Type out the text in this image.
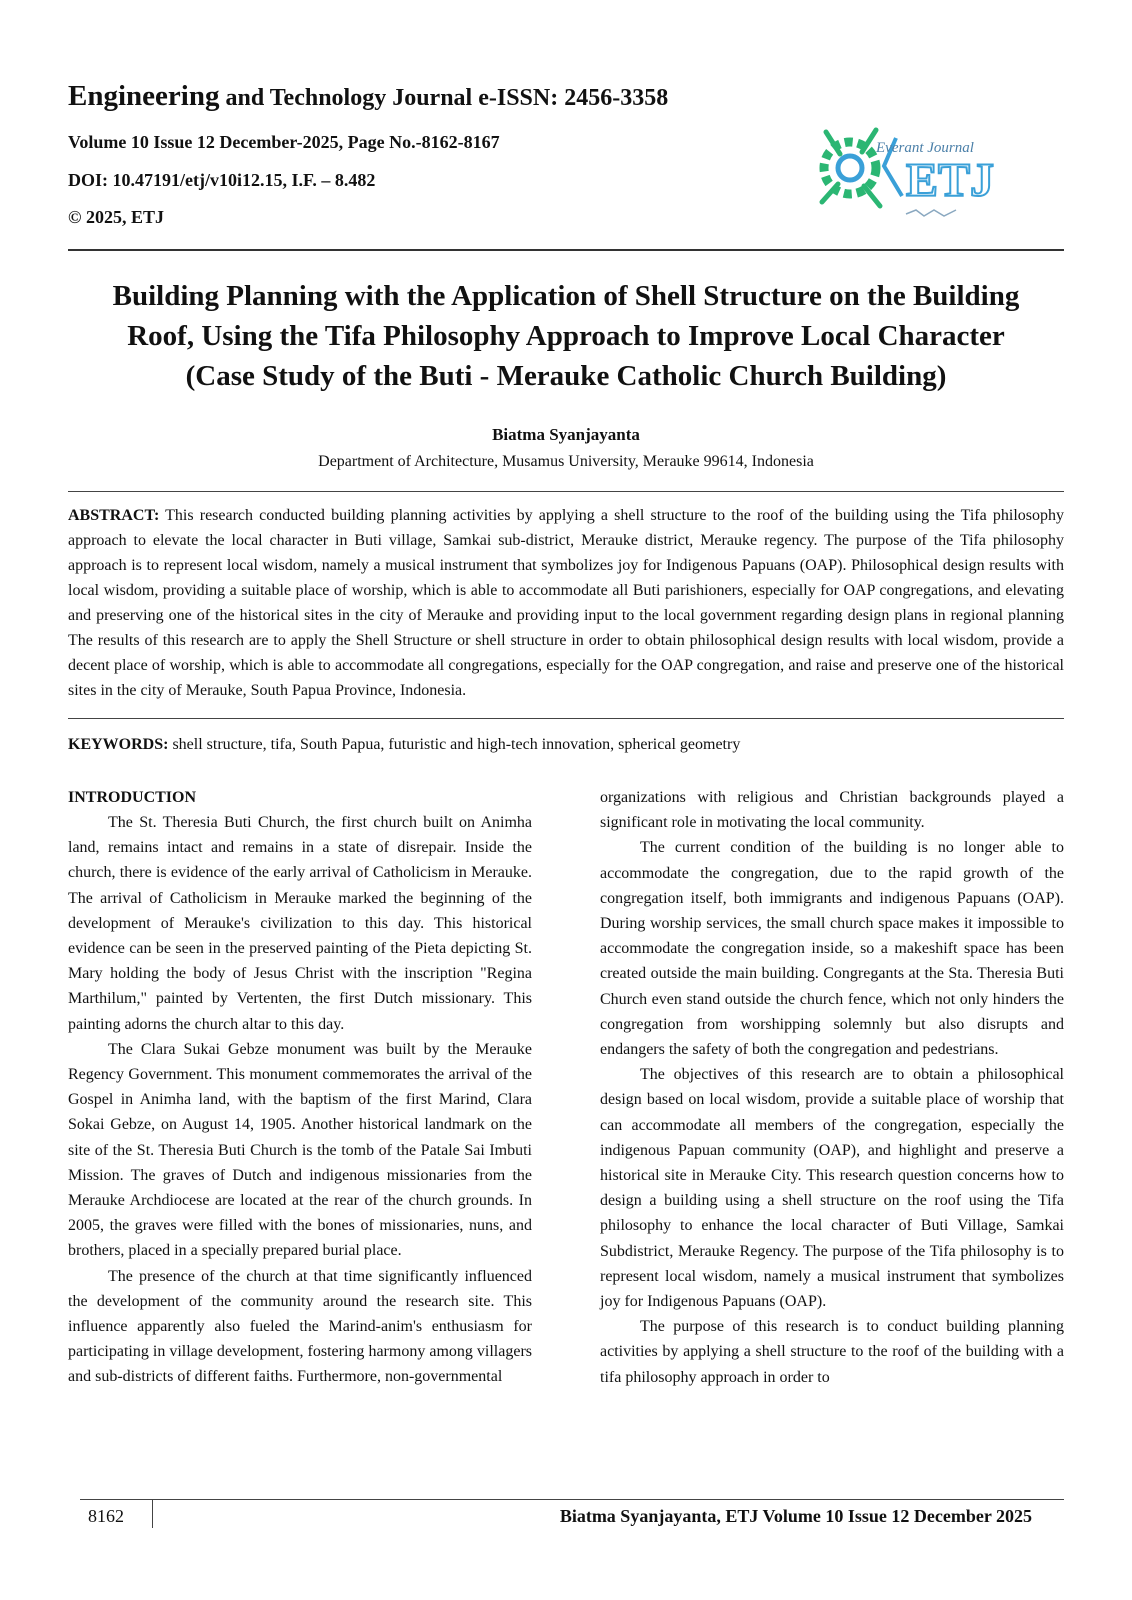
Engineering and Technology Journal e-ISSN: 2456-3358
Volume 10 Issue 12 December-2025, Page No.-8162-8167
DOI: 10.47191/etj/v10i12.15, I.F. – 8.482
© 2025, ETJ
Everant Journal
ETJ
Building Planning with the Application of Shell Structure on the Building
Roof, Using the Tifa Philosophy Approach to Improve Local Character
(Case Study of the Buti - Merauke Catholic Church Building)
Biatma Syanjayanta
Department of Architecture, Musamus University, Merauke 99614, Indonesia
ABSTRACT: This research conducted building planning activities by applying a shell structure to the roof of the building using the Tifa philosophy approach to elevate the local character in Buti village, Samkai sub-district, Merauke district, Merauke regency. The purpose of the Tifa philosophy approach is to represent local wisdom, namely a musical instrument that symbolizes joy for Indigenous Papuans (OAP). Philosophical design results with local wisdom, providing a suitable place of worship, which is able to accommodate all Buti parishioners, especially for OAP congregations, and elevating and preserving one of the historical sites in the city of Merauke and providing input to the local government regarding design plans in regional planning The results of this research are to apply the Shell Structure or shell structure in order to obtain philosophical design results with local wisdom, provide a decent place of worship, which is able to accommodate all congregations, especially for the OAP congregation, and raise and preserve one of the historical sites in the city of Merauke, South Papua Province, Indonesia.
KEYWORDS: shell structure, tifa, South Papua, futuristic and high-tech innovation, spherical geometry
INTRODUCTION

The St. Theresia Buti Church, the first church built on Animha land, remains intact and remains in a state of disrepair. Inside the church, there is evidence of the early arrival of Catholicism in Merauke. The arrival of Catholicism in Merauke marked the beginning of the development of Merauke's civilization to this day. This historical evidence can be seen in the preserved painting of the Pieta depicting St. Mary holding the body of Jesus Christ with the inscription "Regina Marthilum," painted by Vertenten, the first Dutch missionary. This painting adorns the church altar to this day.

The Clara Sukai Gebze monument was built by the Merauke Regency Government. This monument commemorates the arrival of the Gospel in Animha land, with the baptism of the first Marind, Clara Sokai Gebze, on August 14, 1905. Another historical landmark on the site of the St. Theresia Buti Church is the tomb of the Patale Sai Imbuti Mission. The graves of Dutch and indigenous missionaries from the Merauke Archdiocese are located at the rear of the church grounds. In 2005, the graves were filled with the bones of missionaries, nuns, and brothers, placed in a specially prepared burial place.

The presence of the church at that time significantly influenced the development of the community around the research site. This influence apparently also fueled the Marind-anim's enthusiasm for participating in village development, fostering harmony among villagers and sub-districts of different faiths. Furthermore, non-governmental

organizations with religious and Christian backgrounds played a significant role in motivating the local community.

The current condition of the building is no longer able to accommodate the congregation, due to the rapid growth of the congregation itself, both immigrants and indigenous Papuans (OAP). During worship services, the small church space makes it impossible to accommodate the congregation inside, so a makeshift space has been created outside the main building. Congregants at the Sta. Theresia Buti Church even stand outside the church fence, which not only hinders the congregation from worshipping solemnly but also disrupts and endangers the safety of both the congregation and pedestrians.

The objectives of this research are to obtain a philosophical design based on local wisdom, provide a suitable place of worship that can accommodate all members of the congregation, especially the indigenous Papuan community (OAP), and highlight and preserve a historical site in Merauke City. This research question concerns how to design a building using a shell structure on the roof using the Tifa philosophy to enhance the local character of Buti Village, Samkai Subdistrict, Merauke Regency. The purpose of the Tifa philosophy is to represent local wisdom, namely a musical instrument that symbolizes joy for Indigenous Papuans (OAP).

The purpose of this research is to conduct building planning activities by applying a shell structure to the roof of the building with a tifa philosophy approach in order to

8162	Biatma Syanjayanta, ETJ Volume 10 Issue 12 December 2025
